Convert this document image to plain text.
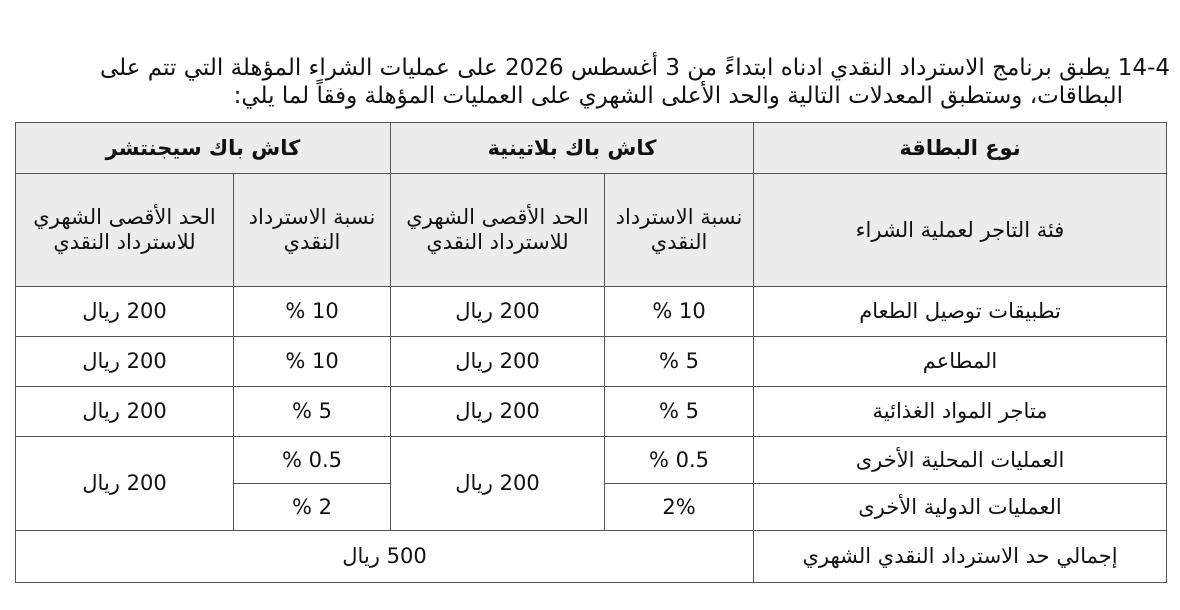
14-4 يطبق برنامج الاسترداد النقدي ادناه ابتداءً من 3 أغسطس 2026 على عمليات الشراء المؤهلة التي تتم على
البطاقات، وستطبق المعدلات التالية والحد الأعلى الشهري على العمليات المؤهلة وفقاً لما يلي:
نوع البطاقة	كاش باك بلاتينية		كاش باك سيجنتشر	
فئة التاجر لعملية الشراء	نسبة الاسترداد النقدي	الحد الأقصى الشهري للاسترداد النقدي	نسبة الاسترداد النقدي	الحد الأقصى الشهري للاسترداد النقدي
تطبيقات توصيل الطعام	10 %	200 ريال	10 %	200 ريال
المطاعم	5 %	200 ريال	10 %	200 ريال
متاجر المواد الغذائية	5 %	200 ريال	5 %	200 ريال
العمليات المحلية الأخرى	0.5 %	200 ريال	0.5 %	200 ريال
العمليات الدولية الأخرى	2%		2 %	
إجمالي حد الاسترداد النقدي الشهري	500 ريال			
